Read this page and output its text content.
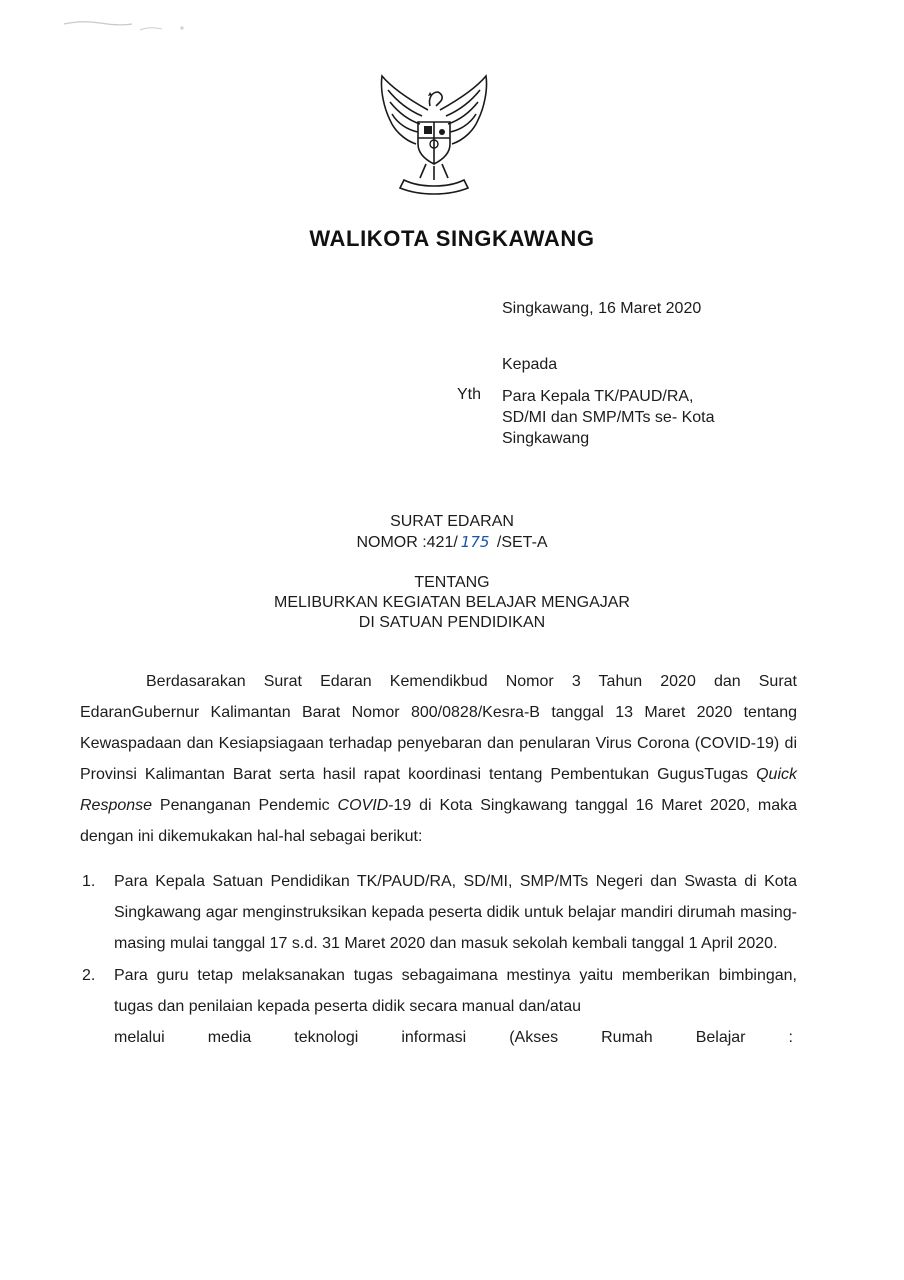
WALIKOTA SINGKAWANG
Singkawang, 16 Maret 2020
Kepada
Yth Para Kepala TK/PAUD/RA,
SD/MI dan SMP/MTs se- Kota
Singkawang
SURAT EDARAN
NOMOR :421/ 175 /SET-A
TENTANG
MELIBURKAN KEGIATAN BELAJAR MENGAJAR
DI SATUAN PENDIDIKAN

Berdasarakan Surat Edaran Kemendikbud Nomor 3 Tahun 2020 dan Surat EdaranGubernur Kalimantan Barat Nomor 800/0828/Kesra-B tanggal 13 Maret 2020 tentang Kewaspadaan dan Kesiapsiagaan terhadap penyebaran dan penularan Virus Corona (COVID-19) di Provinsi Kalimantan Barat serta hasil rapat koordinasi tentang Pembentukan GugusTugas Quick Response Penanganan Pendemic COVID-19 di Kota Singkawang tanggal 16 Maret 2020, maka dengan ini dikemukakan hal-hal sebagai berikut:

1. Para Kepala Satuan Pendidikan TK/PAUD/RA, SD/MI, SMP/MTs Negeri dan Swasta di Kota Singkawang agar menginstruksikan kepada peserta didik untuk belajar mandiri dirumah masing-masing mulai tanggal 17 s.d. 31 Maret 2020 dan masuk sekolah kembali tanggal 1 April 2020.
2. Para guru tetap melaksanakan tugas sebagaimana mestinya yaitu memberikan bimbingan, tugas dan penilaian kepada peserta didik secara manual dan/atau
melalui	media	teknologi	informasi	(Akses	Rumah	Belajar	:
